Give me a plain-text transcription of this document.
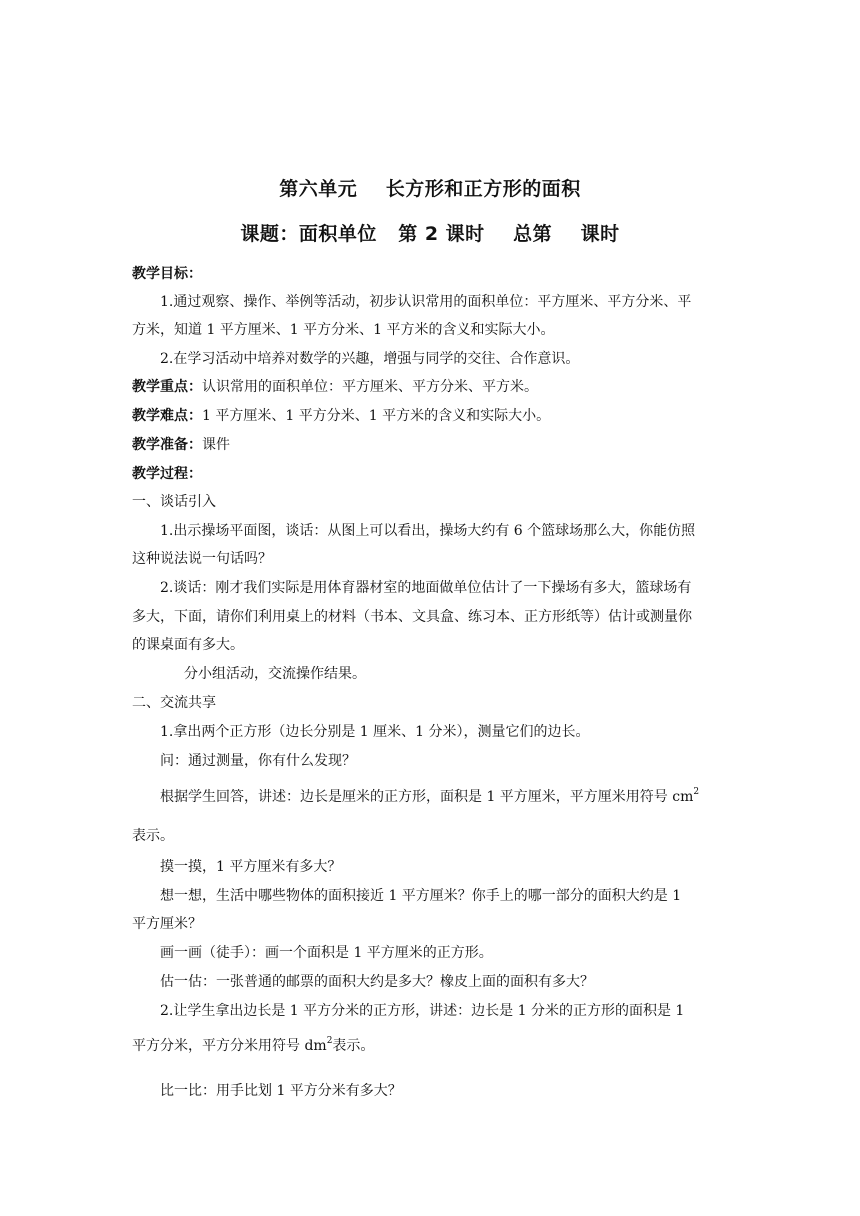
第六单元    长方形和正方形的面积
课题：面积单位   第 2 课时    总第    课时
教学目标：
1.通过观察、操作、举例等活动，初步认识常用的面积单位：平方厘米、平方分米、平
方米，知道 1 平方厘米、1 平方分米、1 平方米的含义和实际大小。
2.在学习活动中培养对数学的兴趣，增强与同学的交往、合作意识。
教学重点：认识常用的面积单位：平方厘米、平方分米、平方米。
教学难点：1 平方厘米、1 平方分米、1 平方米的含义和实际大小。
教学准备：课件
教学过程：
一、谈话引入
1.出示操场平面图，谈话：从图上可以看出，操场大约有 6 个篮球场那么大，你能仿照
这种说法说一句话吗？
2.谈话：刚才我们实际是用体育器材室的地面做单位估计了一下操场有多大，篮球场有
多大，下面，请你们利用桌上的材料（书本、文具盒、练习本、正方形纸等）估计或测量你
的课桌面有多大。
分小组活动，交流操作结果。
二、交流共享
1.拿出两个正方形（边长分别是 1 厘米、1 分米），测量它们的边长。
问：通过测量，你有什么发现？
根据学生回答，讲述：边长是厘米的正方形，面积是 1 平方厘米，平方厘米用符号 $cm^2$
表示。
摸一摸，1 平方厘米有多大？
想一想，生活中哪些物体的面积接近 1 平方厘米？你手上的哪一部分的面积大约是 1
平方厘米？
画一画（徒手）：画一个面积是 1 平方厘米的正方形。
估一估：一张普通的邮票的面积大约是多大？橡皮上面的面积有多大？
2.让学生拿出边长是 1 平方分米的正方形，讲述：边长是 1 分米的正方形的面积是 1
平方分米，平方分米用符号 $dm^2$表示。
比一比：用手比划 1 平方分米有多大？
